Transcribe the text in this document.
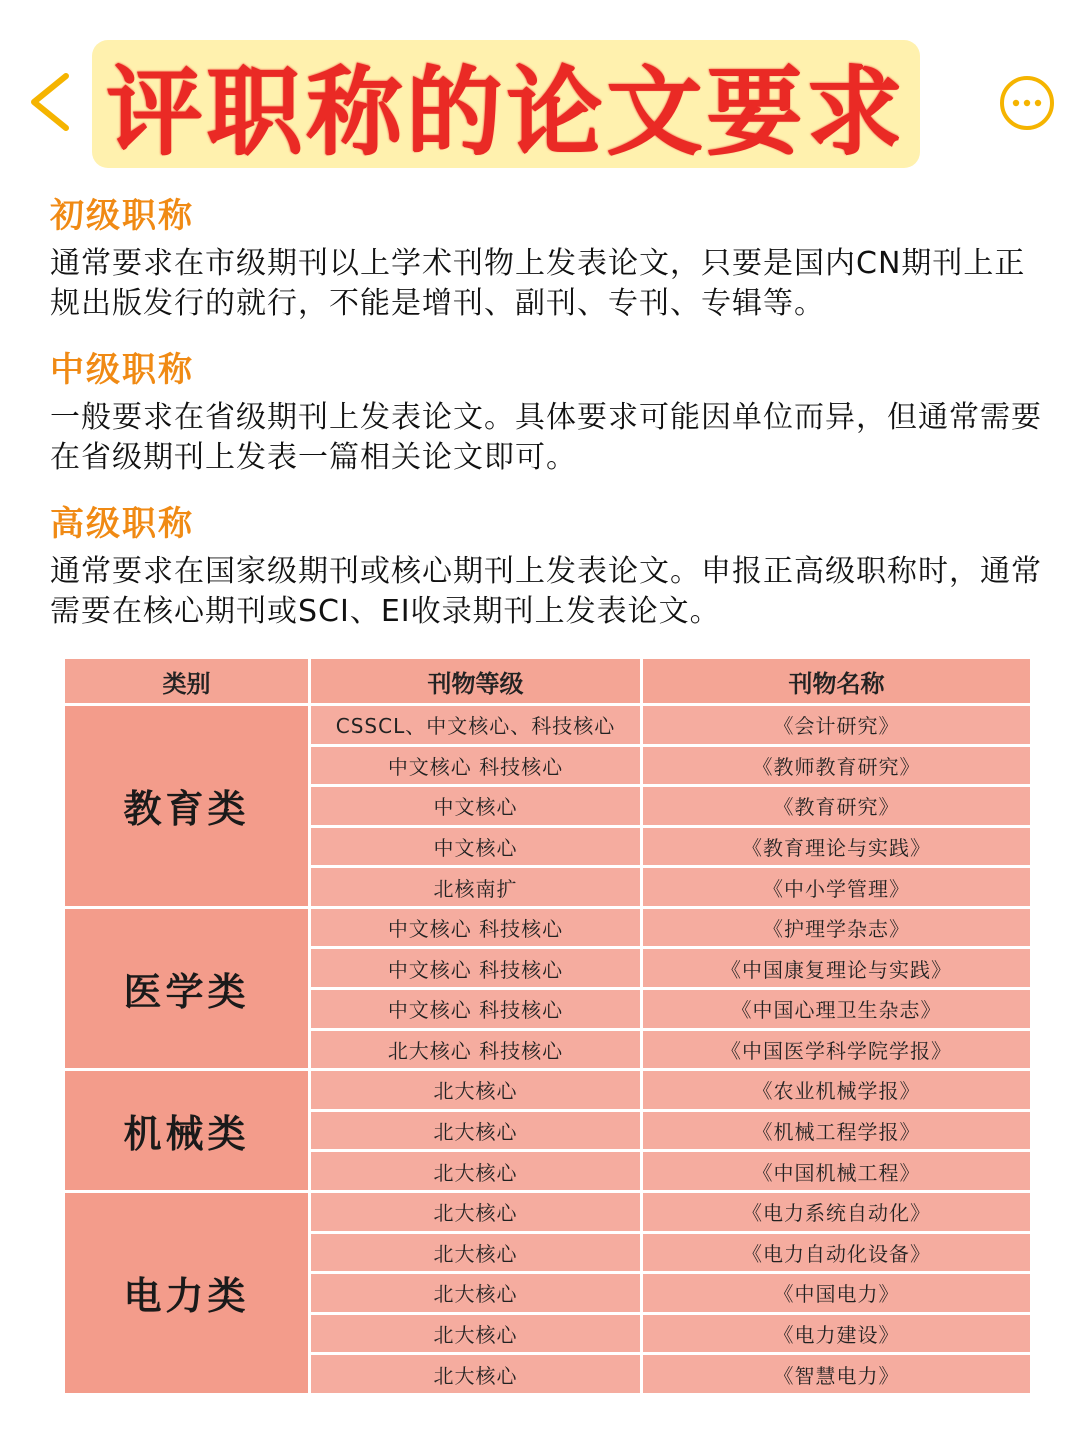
评职称的论文要求
初级职称
通常要求在市级期刊以上学术刊物上发表论文，只要是国内CN期刊上正规出版发行的就行，不能是增刊、副刊、专刊、专辑等。
中级职称
一般要求在省级期刊上发表论文。具体要求可能因单位而异，但通常需要在省级期刊上发表一篇相关论文即可。
高级职称
通常要求在国家级期刊或核心期刊上发表论文。申报正高级职称时，通常需要在核心期刊或SCI、EI收录期刊上发表论文。
类别	刊物等级	刊物名称
教育类	CSSCL、中文核心、科技核心	《会计研究》
	中文核心 科技核心	《教师教育研究》
	中文核心	《教育研究》
	中文核心	《教育理论与实践》
	北核南扩	《中小学管理》
医学类	中文核心 科技核心	《护理学杂志》
	中文核心 科技核心	《中国康复理论与实践》
	中文核心 科技核心	《中国心理卫生杂志》
	北大核心 科技核心	《中国医学科学院学报》
机械类	北大核心	《农业机械学报》
	北大核心	《机械工程学报》
	北大核心	《中国机械工程》
电力类	北大核心	《电力系统自动化》
	北大核心	《电力自动化设备》
	北大核心	《中国电力》
	北大核心	《电力建设》
	北大核心	《智慧电力》
